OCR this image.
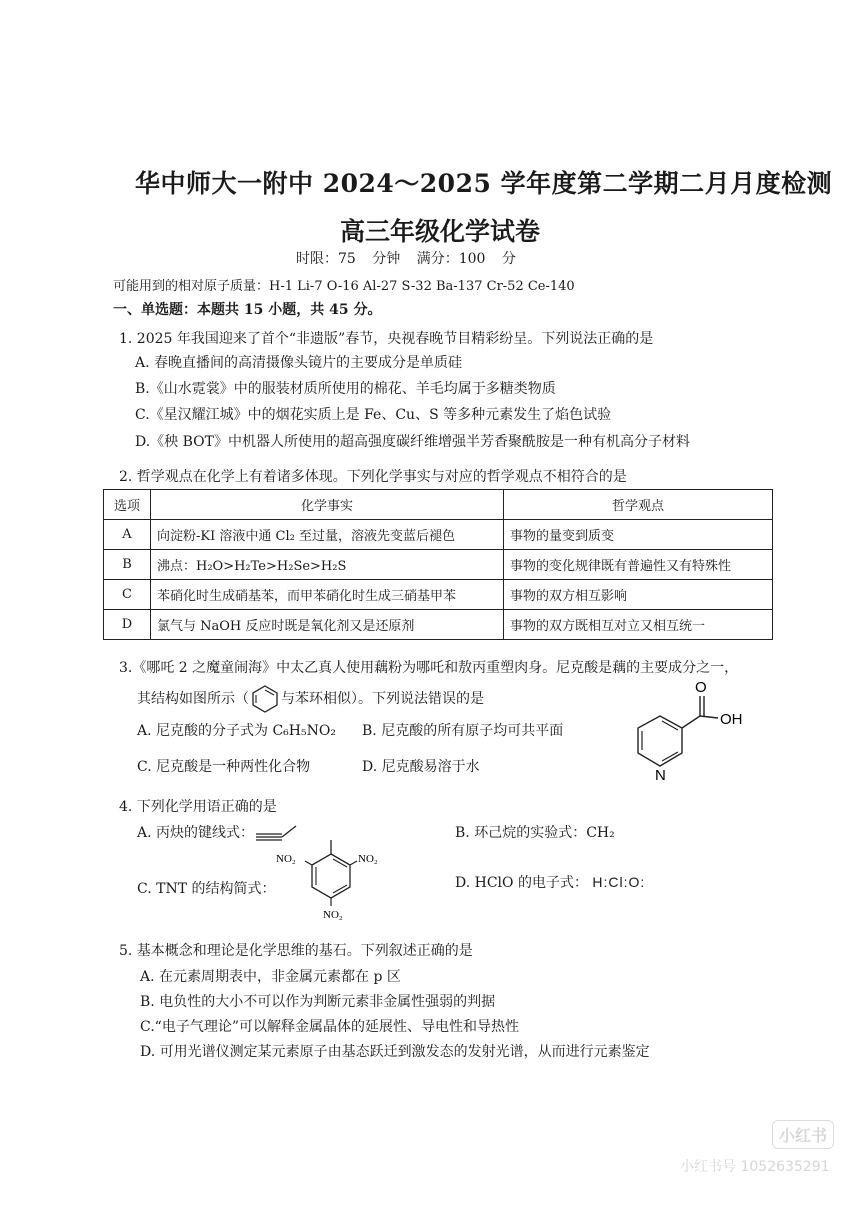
华中师大一附中 2024～2025 学年度第二学期二月月度检测
高三年级化学试卷
时限：75 分钟 满分：100 分
可能用到的相对原子质量：H-1 Li-7 O-16 Al-27 S-32 Ba-137 Cr-52 Ce-140
一、单选题：本题共 15 小题，共 45 分。
1. 2025 年我国迎来了首个“非遗版”春节，央视春晚节目精彩纷呈。下列说法正确的是
A. 春晚直播间的高清摄像头镜片的主要成分是单质硅
B.《山水霓裳》中的服装材质所使用的棉花、羊毛均属于多糖类物质
C.《星汉耀江城》中的烟花实质上是 Fe、Cu、S 等多种元素发生了焰色试验
D.《秧 BOT》中机器人所使用的超高强度碳纤维增强半芳香聚酰胺是一种有机高分子材料
2. 哲学观点在化学上有着诸多体现。下列化学事实与对应的哲学观点不相符合的是
选项	化学事实	哲学观点
A	向淀粉-KI 溶液中通 Cl₂ 至过量，溶液先变蓝后褪色	事物的量变到质变
B	沸点：H₂O>H₂Te>H₂Se>H₂S	事物的变化规律既有普遍性又有特殊性
C	苯硝化时生成硝基苯，而甲苯硝化时生成三硝基甲苯	事物的双方相互影响
D	氯气与 NaOH 反应时既是氧化剂又是还原剂	事物的双方既相互对立又相互统一
3.《哪吒 2 之魔童闹海》中太乙真人使用藕粉为哪吒和敖丙重塑肉身。尼克酸是藕的主要成分之一，
其结构如图所示（ 与苯环相似）。下列说法错误的是
A. 尼克酸的分子式为 C₆H₅NO₂ B. 尼克酸的所有原子均可共平面
C. 尼克酸是一种两性化合物	D. 尼克酸易溶于水
O
OH
N
4. 下列化学用语正确的是
A. 丙炔的键线式：	B. 环己烷的实验式：CH₂
C. TNT 的结构简式：
NO₂	NO₂
NO₂
D. HClO 的电子式： H:Cl:O:
5. 基本概念和理论是化学思维的基石。下列叙述正确的是
A. 在元素周期表中，非金属元素都在 p 区
B. 电负性的大小不可以作为判断元素非金属性强弱的判据
C.“电子气理论”可以解释金属晶体的延展性、导电性和导热性
D. 可用光谱仪测定某元素原子由基态跃迁到激发态的发射光谱，从而进行元素鉴定
小红书
小红书号 1052635291
